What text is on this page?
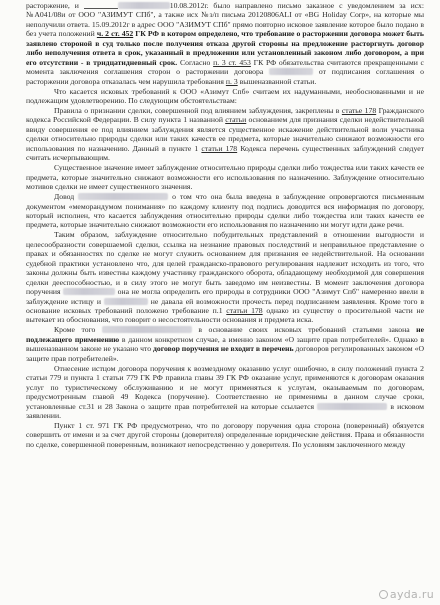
расторжение, и	10.08.2012г. было направлено письмо заказное с уведомлением за исх: №А041/08и от ООО "АЗИМУТ СПб", а также исх №з/п письма 20120806АLI от «BG Holiday Corp», на которые мы неполучили ответа. 15.09.2012г в адрес ООО "АЗИМУТ СПб" прямо повторно исковое заявление которое было подано в без учета положений ч. 2 ст. 452 ГК РФ в котором определено, что требование о расторжении договора может быть заявлено стороной в суд только после получения отказа другой стороны на предложение расторгнуть договор либо неполучения ответа в срок, указанный в предложении или установленный законом либо договором, а при его отсутствии - в тридцатидневный срок. Согласно п. 3 ст. 453 ГК РФ обязательства считаются прекращенными с момента заключения соглашения сторон о расторжении договора	от подписания соглашения о расторжении договора отказалась чем нарушила требования п. 3 вышеназванной статьи.

Что касается исковых требований к ООО «Азимут Спб» считаем их надуманными, необоснованными и не подлежащим удовлетворению. По следующим обстоятельствам:

Правила о признании сделки, совершенной под влиянием заблуждения, закреплены в статье 178 Гражданского кодекса Российской Федерации. В силу пункта 1 названной статьи основанием для признания сделки недействительной ввиду совершения ее под влиянием заблуждения является существенное искажение действительной воли участника сделки относительно природы сделки или таких качеств ее предмета, которые значительно снижают возможности его использования по назначению. Данный в пункте 1 статьи 178 Кодекса перечень существенных заблуждений следует считать исчерпывающим.

Существенное значение имеет заблуждение относительно природы сделки либо тождества или таких качеств ее предмета, которые значительно снижают возможности его использования по назначению. Заблуждение относительно мотивов сделки не имеет существенного значения.

Довод	о том что она была введена в заблуждение опровергаются письменным документом «меморандумом понимания» по каждому клиенту под подпись доводится вся информация по договору, который исполнен, что касается заблуждения относительно природы сделки либо тождества или таких качеств ее предмета, которые значительно снижают возможности его использования по назначению ни могут идти даже речи.

Таким образом, заблуждение относительно побудительных представлений в отношении выгодности и целесообразности совершаемой сделки, ссылка на незнание правовых последствий и неправильное представление о правах и обязанностях по сделке не могут служить основанием для признания ее недействительной. На основании судебной практики установлено что, для целей гражданско-правового регулирования надлежит исходить из того, что законы должны быть известны каждому участнику гражданского оборота, обладающему необходимой для совершения сделки дееспособностью, и в силу этого не могут быть заведомо им неизвестны. В момент заключения договора поручения	она не могла определить его природы в сотрудники ООО "Азимут Спб" намеренно ввели в заблуждение истицу и	не давала ей возможности прочесть перед подписанием заявления. Кроме того в основание исковых требований положено требование п.1 статьи 178 однако из существу о просительной части не вытекает из обоснования, что говорит о несостоятельности основания и предмета иска.

Кроме того	в основание своих исковых требований статьями закона не подлежащего применению в данном конкретном случае, а именно законом «О защите прав потребителей». Однако в вышеназванном законе не указано что договор поручения не входит в перечень договоров регулированных законом «О защите прав потребителей».

Отнесение истцом договора поручения к возмездному оказанию услуг ошибочно, в силу положений пункта 2 статьи 779 и пункта 1 статьи 779 ГК РФ правила главы 39 ГК РФ оказание услуг, применяются к договорам оказания услуг по туристическому обслуживанию и не могут применяться к услугам, оказываемым по договорам, предусмотренным главой 49 Кодекса (поручение). Соответственно не применимы в данном случае сроки, установленные ст.31 и 28 Закона о защите прав потребителей на которые ссылается	в исковом заявлении.

Пункт 1 ст. 971 ГК РФ предусмотрено, что по договору поручения одна сторона (поверенный) обязуется совершить от имени и за счет другой стороны (доверителя) определенные юридические действия. Права и обязанности по сделке, совершенной поверенным, возникают непосредственно у доверителя. По условиям заключенного между

ayda.ru
